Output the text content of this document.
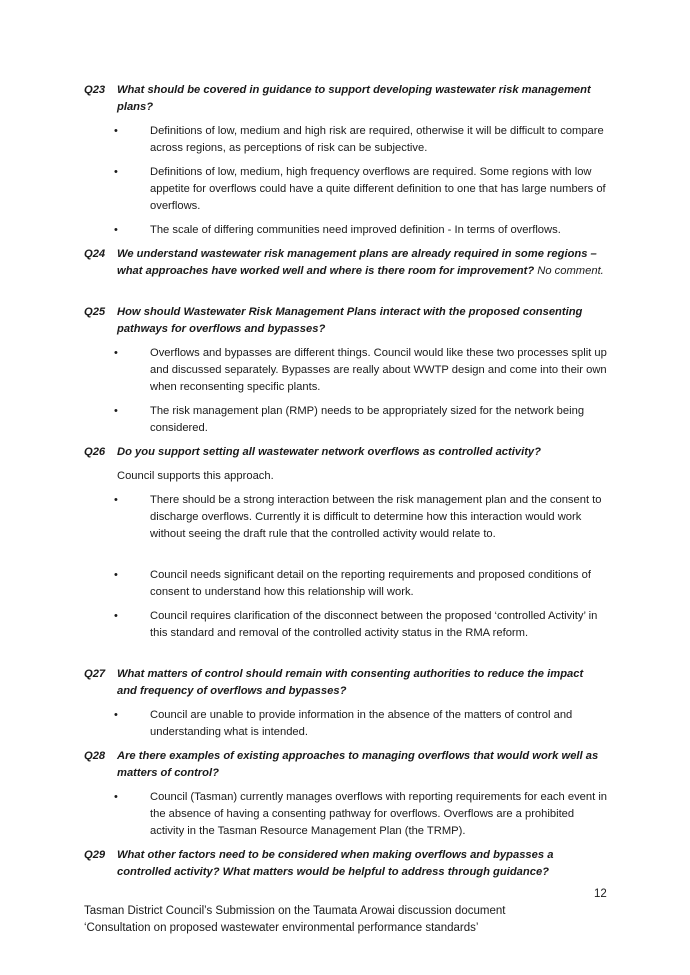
Q23 What should be covered in guidance to support developing wastewater risk management plans?
•	Definitions of low, medium and high risk are required, otherwise it will be difficult to compare across regions, as perceptions of risk can be subjective.
•	Definitions of low, medium, high frequency overflows are required. Some regions with low appetite for overflows could have a quite different definition to one that has large numbers of overflows.
•	The scale of differing communities need improved definition - In terms of overflows.
Q24 We understand wastewater risk management plans are already required in some regions – what approaches have worked well and where is there room for improvement? No comment.
Q25 How should Wastewater Risk Management Plans interact with the proposed consenting pathways for overflows and bypasses?
•	Overflows and bypasses are different things. Council would like these two processes split up and discussed separately. Bypasses are really about WWTP design and come into their own when reconsenting specific plants.
•	The risk management plan (RMP) needs to be appropriately sized for the network being considered.
Q26 Do you support setting all wastewater network overflows as controlled activity?
Council supports this approach.
•	There should be a strong interaction between the risk management plan and the consent to discharge overflows. Currently it is difficult to determine how this interaction would work without seeing the draft rule that the controlled activity would relate to.
•	Council needs significant detail on the reporting requirements and proposed conditions of consent to understand how this relationship will work.
•	Council requires clarification of the disconnect between the proposed ‘controlled Activity’ in this standard and removal of the controlled activity status in the RMA reform.
Q27 What matters of control should remain with consenting authorities to reduce the impact and frequency of overflows and bypasses?
•	Council are unable to provide information in the absence of the matters of control and understanding what is intended.
Q28 Are there examples of existing approaches to managing overflows that would work well as matters of control?
•	Council (Tasman) currently manages overflows with reporting requirements for each event in the absence of having a consenting pathway for overflows. Overflows are a prohibited activity in the Tasman Resource Management Plan (the TRMP).
Q29 What other factors need to be considered when making overflows and bypasses a controlled activity? What matters would be helpful to address through guidance?
12
Tasman District Council’s Submission on the Taumata Arowai discussion document
‘Consultation on proposed wastewater environmental performance standards’
